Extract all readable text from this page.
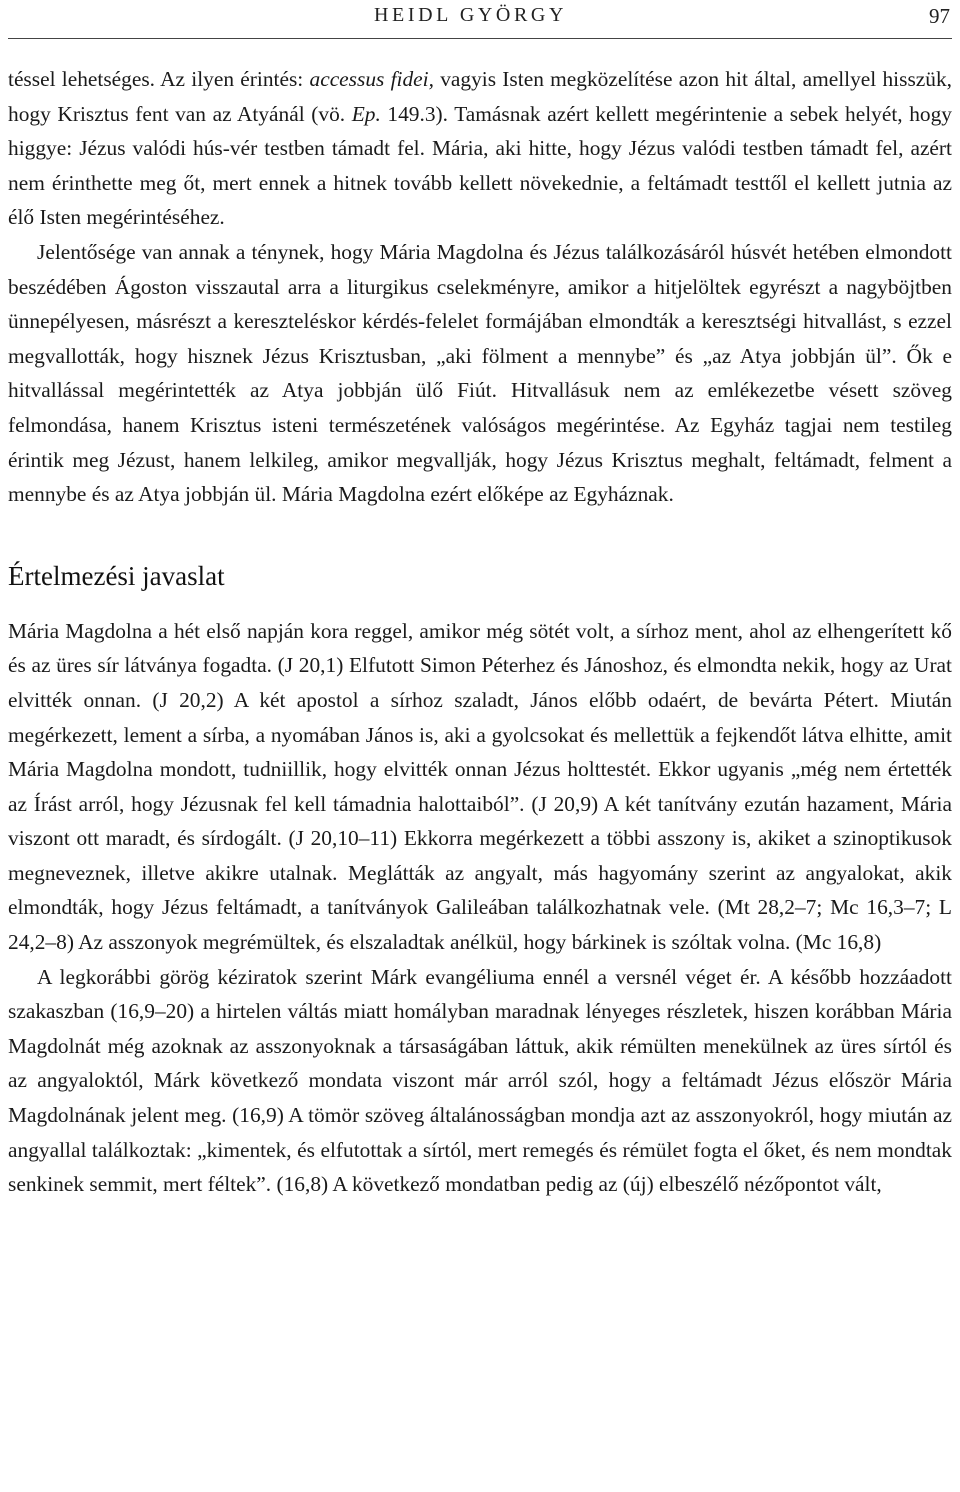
HEIDL GYÖRGY	97

téssel lehetséges. Az ilyen érintés: accessus fidei, vagyis Isten megközelítése azon hit által, amellyel hisszük, hogy Krisztus fent van az Atyánál (vö. Ep. 149.3). Tamásnak azért kellett megérintenie a sebek helyét, hogy higgye: Jézus valódi hús-vér testben támadt fel. Mária, aki hitte, hogy Jézus valódi testben támadt fel, azért nem érinthette meg őt, mert ennek a hitnek tovább kellett növekednie, a feltámadt testtől el kellett jutnia az élő Isten megérintéséhez.

Jelentősége van annak a ténynek, hogy Mária Magdolna és Jézus találkozásáról húsvét hetében elmondott beszédében Ágoston visszautal arra a liturgikus cselekményre, amikor a hitjelöltek egyrészt a nagyböjtben ünnepélyesen, másrészt a kereszteléskor kérdés-felelet formájában elmondták a keresztségi hitvallást, s ezzel megvallották, hogy hisznek Jézus Krisztusban, „aki fölment a mennybe” és „az Atya jobbján ül”. Ők e hitvallással megérintették az Atya jobbján ülő Fiút. Hitvallásuk nem az emlékezetbe vésett szöveg felmondása, hanem Krisztus isteni természetének valóságos megérintése. Az Egyház tagjai nem testileg érintik meg Jézust, hanem lelkileg, amikor megvallják, hogy Jézus Krisztus meghalt, feltámadt, felment a mennybe és az Atya jobbján ül. Mária Magdolna ezért előképe az Egyháznak.

Értelmezési javaslat

Mária Magdolna a hét első napján kora reggel, amikor még sötét volt, a sírhoz ment, ahol az elhengerített kő és az üres sír látványa fogadta. (J 20,1) Elfutott Simon Péterhez és Jánoshoz, és elmondta nekik, hogy az Urat elvitték onnan. (J 20,2) A két apostol a sírhoz szaladt, János előbb odaért, de bevárta Pétert. Miután megérkezett, lement a sírba, a nyomában János is, aki a gyolcsokat és mellettük a fejkendőt látva elhitte, amit Mária Magdolna mondott, tudniillik, hogy elvitték onnan Jézus holttestét. Ekkor ugyanis „még nem értették az Írást arról, hogy Jézusnak fel kell támadnia halottaiból”. (J 20,9) A két tanítvány ezután hazament, Mária viszont ott maradt, és sírdogált. (J 20,10–11) Ekkorra megérkezett a többi asszony is, akiket a szinoptikusok megneveznek, illetve akikre utalnak. Meglátták az angyalt, más hagyomány szerint az angyalokat, akik elmondták, hogy Jézus feltámadt, a tanítványok Galileában találkozhatnak vele. (Mt 28,2–7; Mc 16,3–7; L 24,2–8) Az asszonyok megrémültek, és elszaladtak anélkül, hogy bárkinek is szóltak volna. (Mc 16,8)

A legkorábbi görög kéziratok szerint Márk evangéliuma ennél a versnél véget ér. A később hozzáadott szakaszban (16,9–20) a hirtelen váltás miatt homályban maradnak lényeges részletek, hiszen korábban Mária Magdolnát még azoknak az asszonyoknak a társaságában láttuk, akik rémülten menekülnek az üres sírtól és az angyaloktól, Márk következő mondata viszont már arról szól, hogy a feltámadt Jézus először Mária Magdolnának jelent meg. (16,9) A tömör szöveg általánosságban mondja azt az asszonyokról, hogy miután az angyallal találkoztak: „kimentek, és elfutottak a sírtól, mert remegés és rémület fogta el őket, és nem mondtak senkinek semmit, mert féltek”. (16,8) A következő mondatban pedig az (új) elbeszélő nézőpontot vált,
